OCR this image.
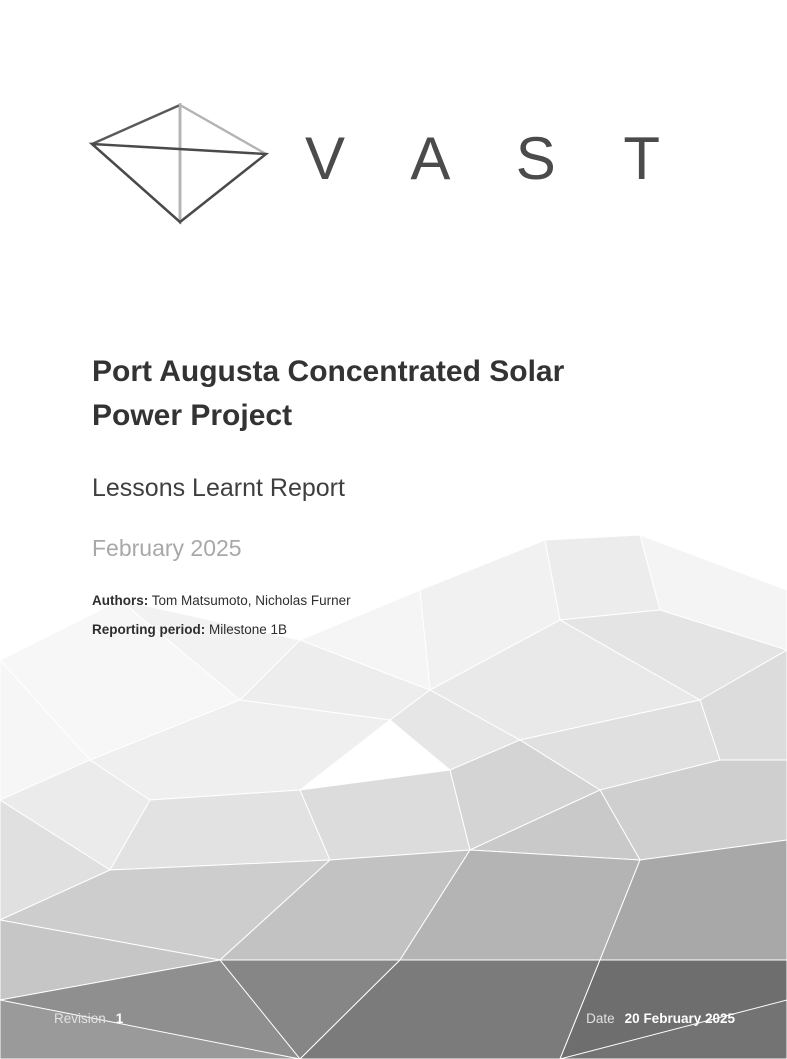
V A S T
Port Augusta Concentrated Solar Power Project
Lessons Learnt Report
February 2025

Authors: Tom Matsumoto, Nicholas Furner

Reporting period: Milestone 1B

Revision 1	Date 20 February 2025
